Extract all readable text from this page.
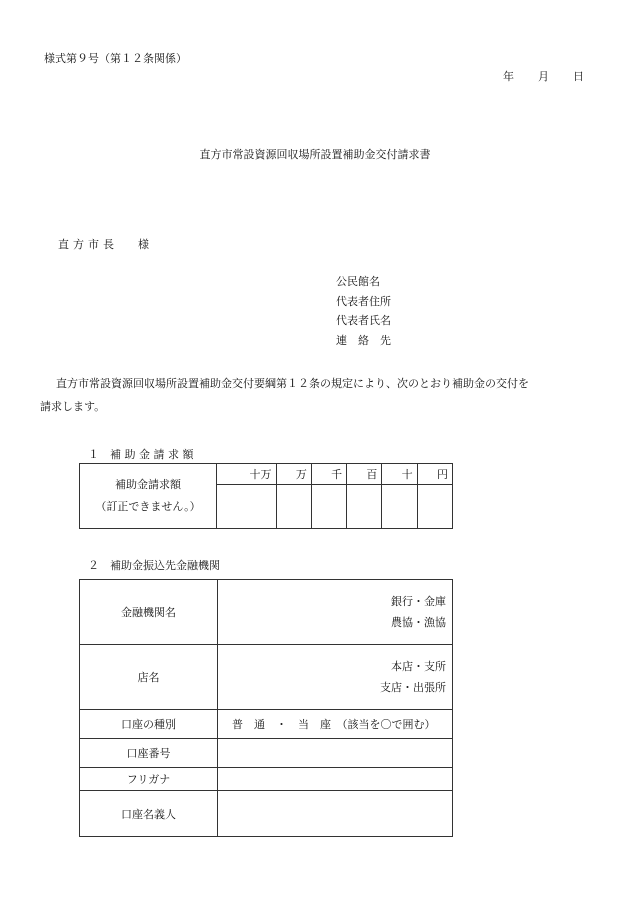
様式第９号（第１２条関係）
年 月 日
直方市常設資源回収場所設置補助金交付請求書
直方市長 様
公民館名
代表者住所
代表者氏名
連　絡　先
直方市常設資源回収場所設置補助金交付要綱第１２条の規定により、次のとおり補助金の交付を
請求します。
１　補 助 金 請 求 額
補助金請求額
（訂正できません。）	十万	万	千	百	十	円

２　補助金振込先金融機関
金融機関名	銀行・金庫
農協・漁協

店名	本店・支所
支店・出張所

口座の種別	普　通　・　当　座　（該当を〇で囲む）
口座番号	
フリガナ	
口座名義人	
